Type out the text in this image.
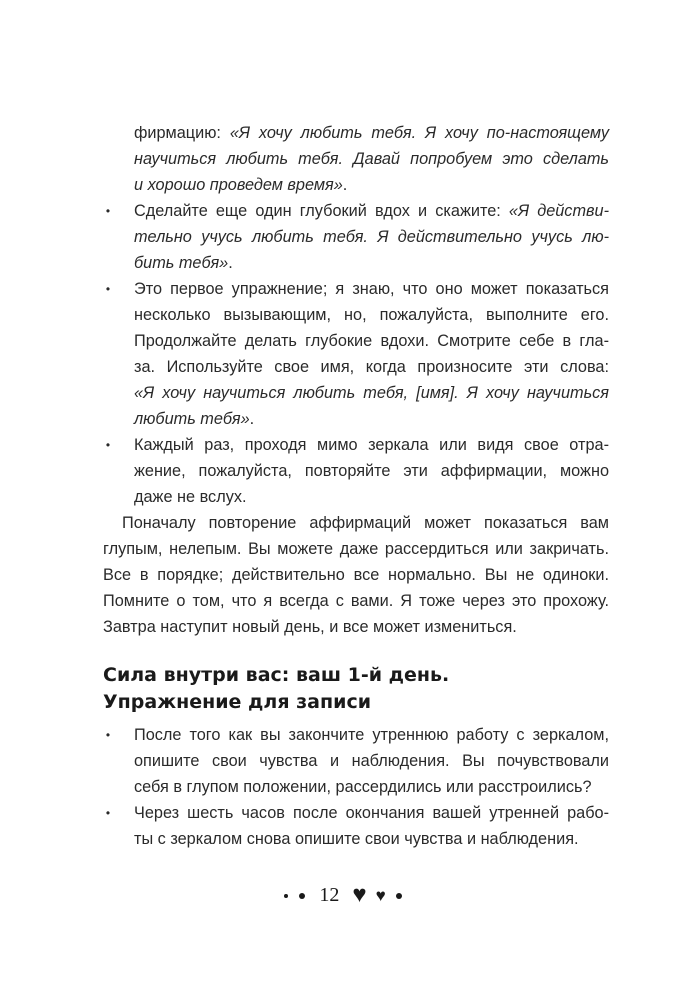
фирмацию: «Я хочу любить тебя. Я хочу по-настоящему
научиться любить тебя. Давай попробуем это сделать
и хорошо проведем время».
• Сделайте еще один глубокий вдох и скажите: «Я действи-
тельно учусь любить тебя. Я действительно учусь лю-
бить тебя».
• Это первое упражнение; я знаю, что оно может показаться
несколько вызывающим, но, пожалуйста, выполните его.
Продолжайте делать глубокие вдохи. Смотрите себе в гла-
за. Используйте свое имя, когда произносите эти слова:
«Я хочу научиться любить тебя, [имя]. Я хочу научиться
любить тебя».
• Каждый раз, проходя мимо зеркала или видя свое отра-
жение, пожалуйста, повторяйте эти аффирмации, можно
даже не вслух.
Поначалу повторение аффирмаций может показаться вам
глупым, нелепым. Вы можете даже рассердиться или закричать.
Все в порядке; действительно все нормально. Вы не одиноки.
Помните о том, что я всегда с вами. Я тоже через это прохожу.
Завтра наступит новый день, и все может измениться.
Сила внутри вас: ваш 1-й день.
Упражнение для записи
• После того как вы закончите утреннюю работу с зеркалом,
опишите свои чувства и наблюдения. Вы почувствовали
себя в глупом положении, рассердились или расстроились?
• Через шесть часов после окончания вашей утренней рабо-
ты с зеркалом снова опишите свои чувства и наблюдения.
12 ♥ ♥
